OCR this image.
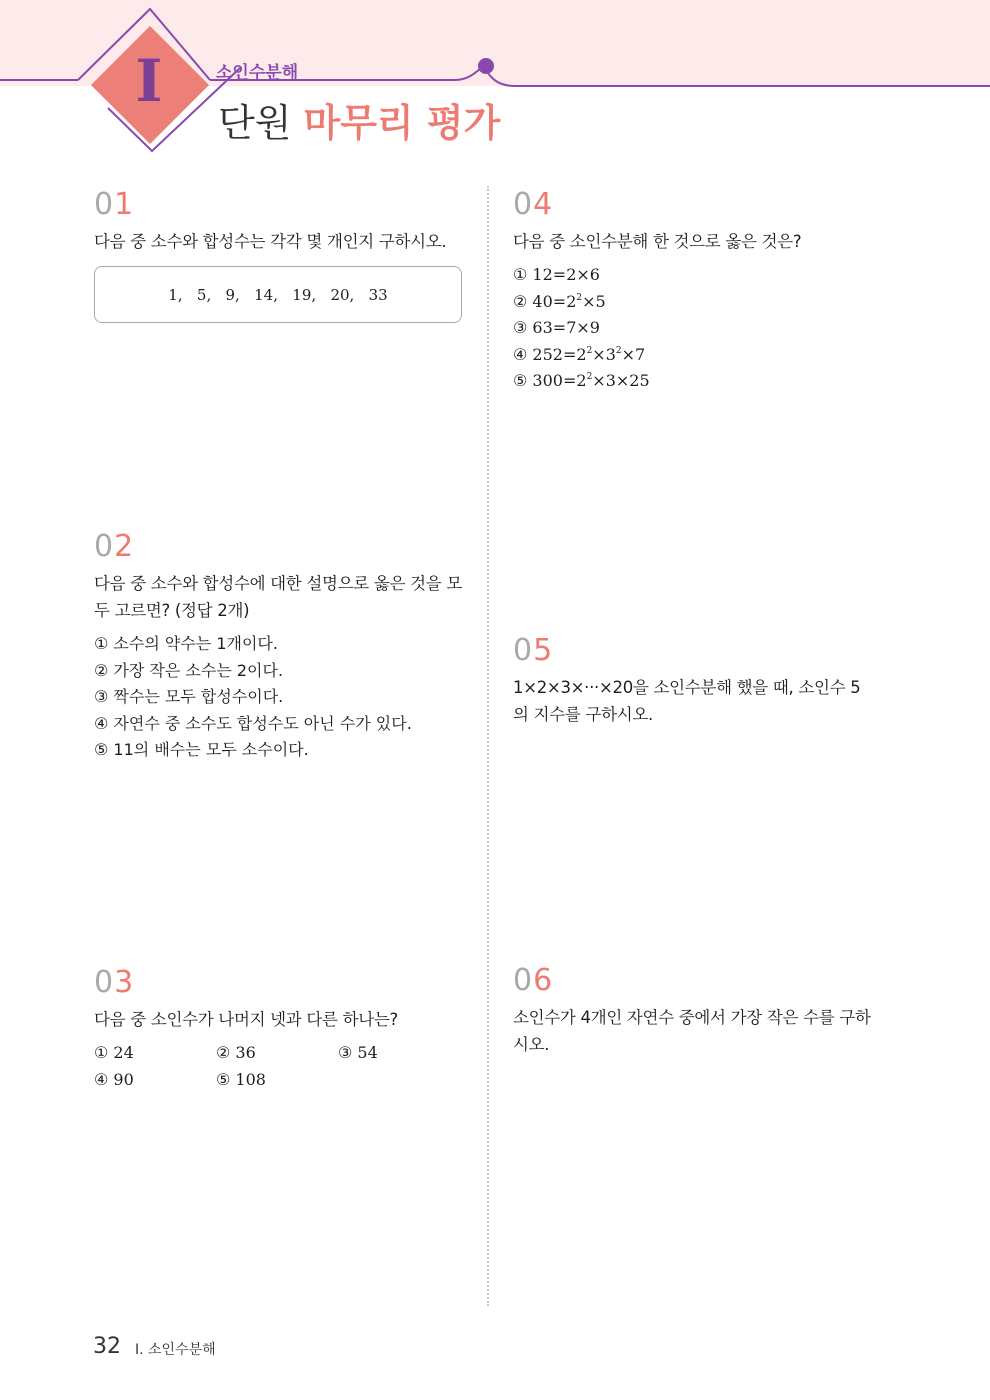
I	소인수분해
단원 마무리 평가
01
다음 중 소수와 합성수는 각각 몇 개인지 구하시오.
1,   5,   9,   14,   19,   20,   33
02
다음 중 소수와 합성수에 대한 설명으로 옳은 것을 모
두 고르면? (정답 2개)
① 소수의 약수는 1개이다.
② 가장 작은 소수는 2이다.
③ 짝수는 모두 합성수이다.
④ 자연수 중 소수도 합성수도 아닌 수가 있다.
⑤ 11의 배수는 모두 소수이다.
03
다음 중 소인수가 나머지 넷과 다른 하나는?
① 24	② 36	③ 54
④ 90	⑤ 108
04
다음 중 소인수분해 한 것으로 옳은 것은?
① 12=2×6
② $40=2^2\times 5$
③ 63=7×9
④ $252=2^2\times 3^2\times 7$
⑤ $300=2^2\times 3\times 25$
05
1×2×3×···×20을 소인수분해 했을 때, 소인수 5
의 지수를 구하시오.
06
소인수가 4개인 자연수 중에서 가장 작은 수를 구하
시오.
32 I. 소인수분해
